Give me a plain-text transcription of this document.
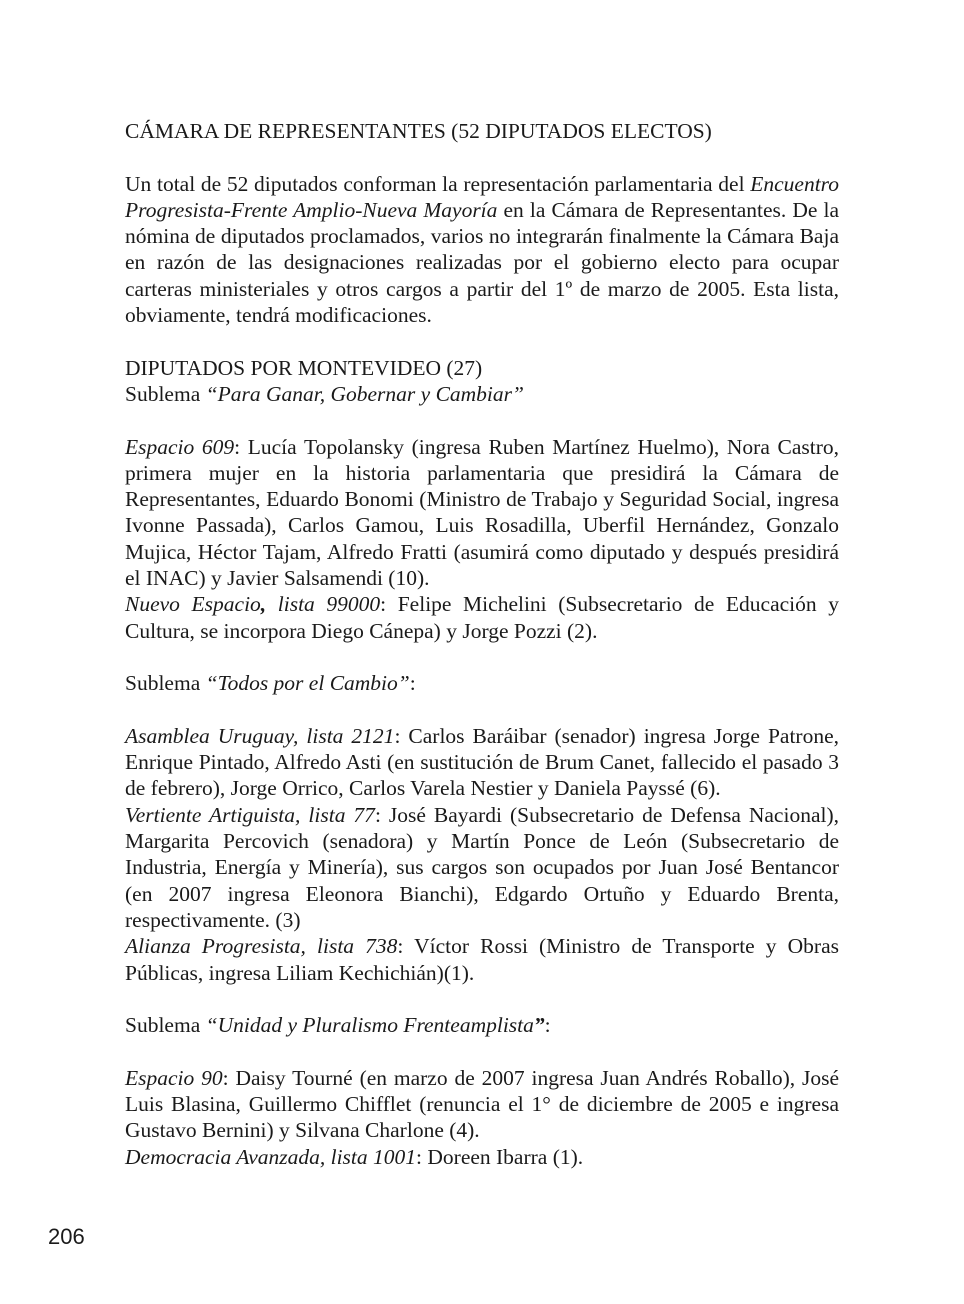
CÁMARA DE REPRESENTANTES (52 DIPUTADOS ELECTOS)

Un total de 52 diputados conforman la representación parlamentaria del Encuentro Progresista-Frente Amplio-Nueva Mayoría en la Cámara de Representantes. De la nómina de diputados proclamados, varios no integrarán finalmente la Cámara Baja en razón de las designaciones realizadas por el gobierno electo para ocupar carteras ministeriales y otros cargos a partir del 1º de marzo de 2005. Esta lista, obviamente, tendrá modificaciones.

DIPUTADOS POR MONTEVIDEO (27)

Sublema “Para Ganar, Gobernar y Cambiar”

Espacio 609: Lucía Topolansky (ingresa Ruben Martínez Huelmo), Nora Castro, primera mujer en la historia parlamentaria que presidirá la Cámara de Representantes, Eduardo Bonomi (Ministro de Trabajo y Seguridad Social, ingresa Ivonne Passada), Carlos Gamou, Luis Rosadilla, Uberfil Hernández, Gonzalo Mujica, Héctor Tajam, Alfredo Fratti (asumirá como diputado y después presidirá el INAC) y Javier Salsamendi (10).

Nuevo Espacio, lista 99000: Felipe Michelini (Subsecretario de Educación y Cultura, se incorpora Diego Cánepa) y Jorge Pozzi (2).

Sublema “Todos por el Cambio”:

Asamblea Uruguay, lista 2121: Carlos Baráibar (senador) ingresa Jorge Patrone, Enrique Pintado, Alfredo Asti (en sustitución de Brum Canet, fallecido el pasado 3 de febrero), Jorge Orrico, Carlos Varela Nestier y Daniela Payssé (6).

Vertiente Artiguista, lista 77: José Bayardi (Subsecretario de Defensa Nacional), Margarita Percovich (senadora) y Martín Ponce de León (Subsecretario de Industria, Energía y Minería), sus cargos son ocupados por Juan José Bentancor (en 2007 ingresa Eleonora Bianchi), Edgardo Ortuño y Eduardo Brenta, respectivamente. (3)

Alianza Progresista, lista 738: Víctor Rossi (Ministro de Transporte y Obras Públicas, ingresa Liliam Kechichián)(1).

Sublema “Unidad y Pluralismo Frenteamplista”:

Espacio 90: Daisy Tourné (en marzo de 2007 ingresa Juan Andrés Roballo), José Luis Blasina, Guillermo Chifflet (renuncia el 1° de diciembre de 2005 e ingresa Gustavo Bernini) y Silvana Charlone (4).

Democracia Avanzada, lista 1001: Doreen Ibarra (1).

206
